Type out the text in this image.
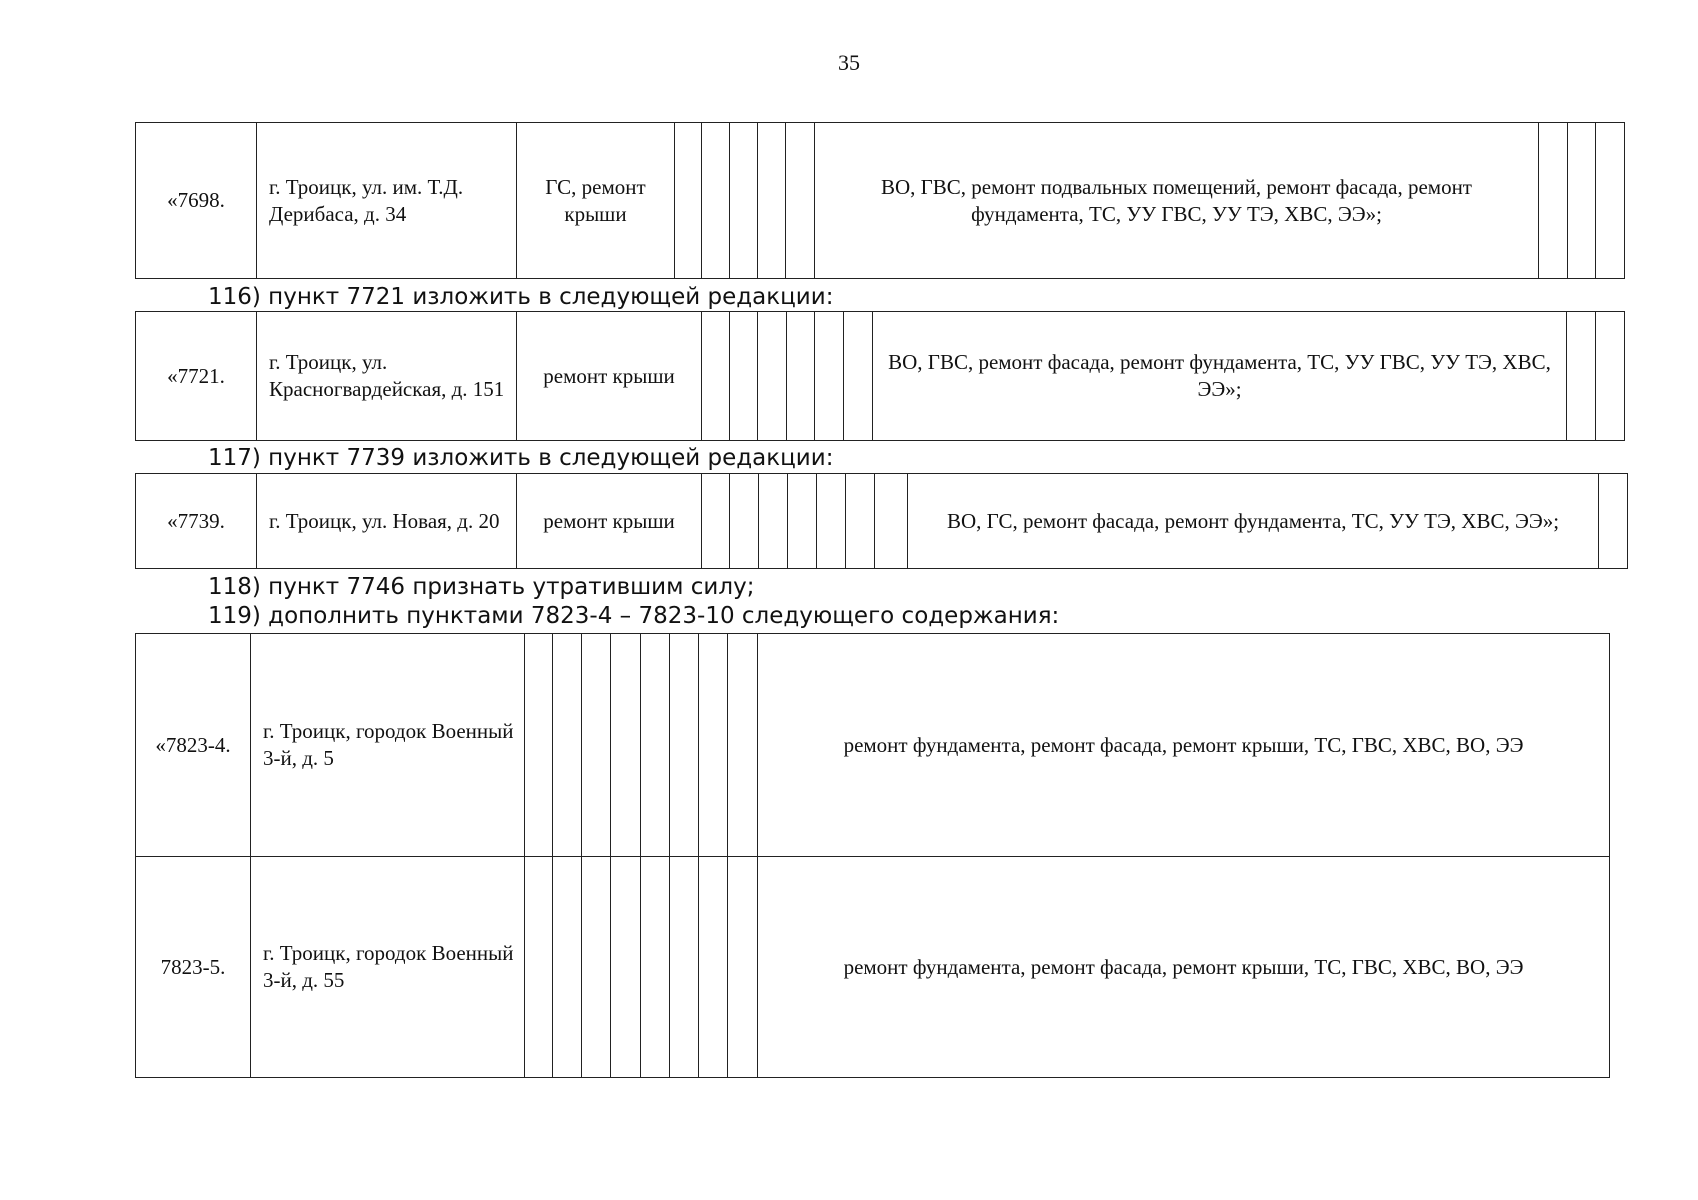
35
«7698.	г. Троицк, ул. им. Т.Д. Дерибаса, д. 34	ГС, ремонт крыши						ВО, ГВС, ремонт подвальных помещений, ремонт фасада, ремонт фундамента, ТС, УУ ГВС, УУ ТЭ, ХВС, ЭЭ»;			
116) пункт 7721 изложить в следующей редакции:
«7721.	г. Троицк, ул. Красногвардейская, д. 151	ремонт крыши							ВО, ГВС, ремонт фасада, ремонт фундамента, ТС, УУ ГВС, УУ ТЭ, ХВС, ЭЭ»;		
117) пункт 7739 изложить в следующей редакции:
«7739.	г. Троицк, ул. Новая, д. 20	ремонт крыши								ВО, ГС, ремонт фасада, ремонт фундамента, ТС, УУ ТЭ, ХВС, ЭЭ»;	
118) пункт 7746 признать утратившим силу;
119) дополнить пунктами 7823-4 – 7823-10 следующего содержания:
«7823-4.	г. Троицк, городок Военный 3-й, д. 5									ремонт фундамента, ремонт фасада, ремонт крыши, ТС, ГВС, ХВС, ВО, ЭЭ
7823-5.	г. Троицк, городок Военный 3-й, д. 55									ремонт фундамента, ремонт фасада, ремонт крыши, ТС, ГВС, ХВС, ВО, ЭЭ
